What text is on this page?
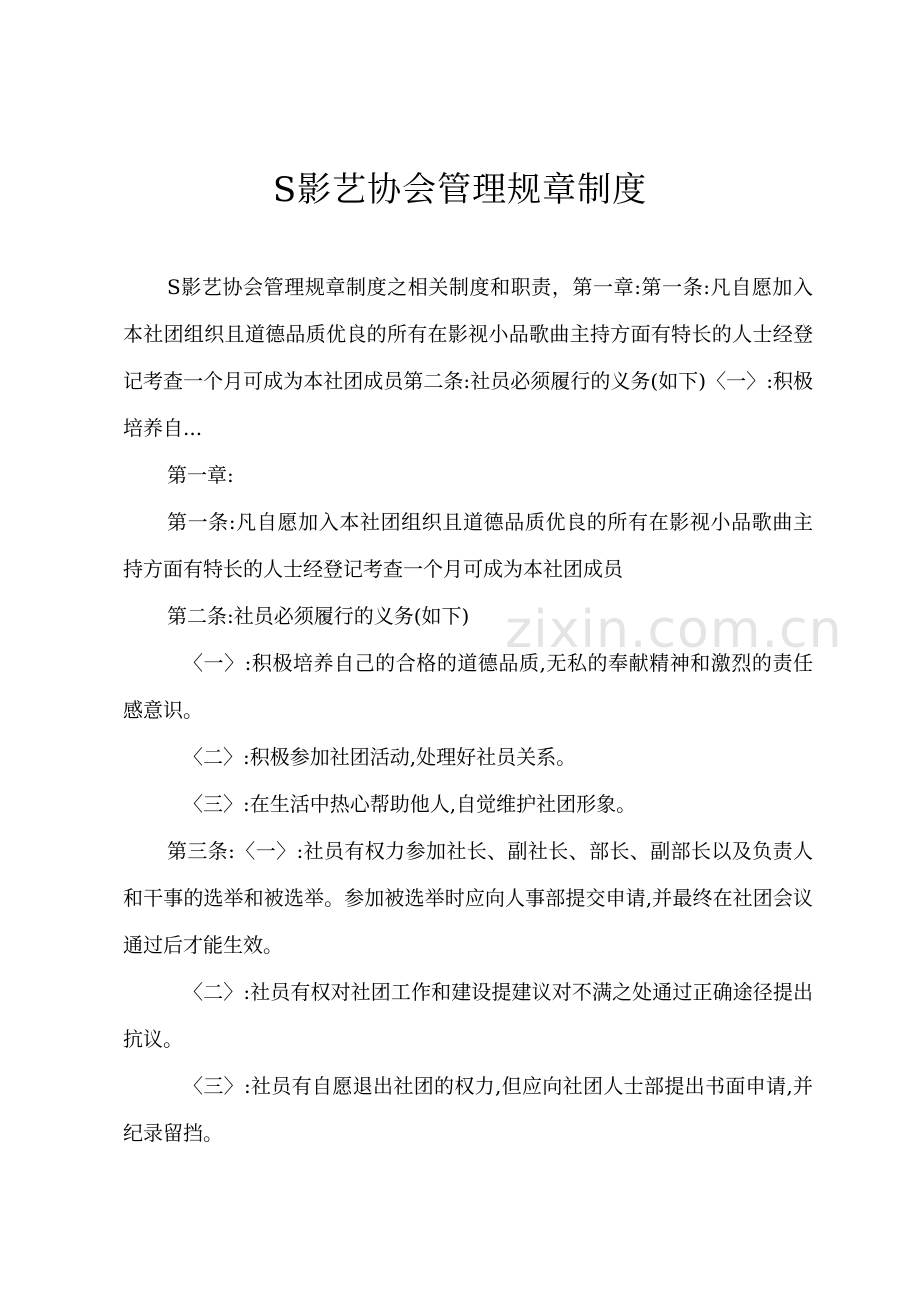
S影艺协会管理规章制度

S影艺协会管理规章制度之相关制度和职责，第一章:第一条:凡自愿加入本社团组织且道德品质优良的所有在影视小品歌曲主持方面有特长的人士经登记考查一个月可成为本社团成员第二条:社员必须履行的义务(如下)〈一〉:积极培养自...

第一章:

第一条:凡自愿加入本社团组织且道德品质优良的所有在影视小品歌曲主持方面有特长的人士经登记考查一个月可成为本社团成员

第二条:社员必须履行的义务(如下)

〈一〉:积极培养自己的合格的道德品质,无私的奉献精神和激烈的责任感意识。

〈二〉:积极参加社团活动,处理好社员关系。

〈三〉:在生活中热心帮助他人,自觉维护社团形象。

第三条:〈一〉:社员有权力参加社长、副社长、部长、副部长以及负责人和干事的选举和被选举。参加被选举时应向人事部提交申请,并最终在社团会议通过后才能生效。

〈二〉:社员有权对社团工作和建设提建议对不满之处通过正确途径提出抗议。

〈三〉:社员有自愿退出社团的权力,但应向社团人士部提出书面申请,并纪录留挡。

zixin.com.cn
